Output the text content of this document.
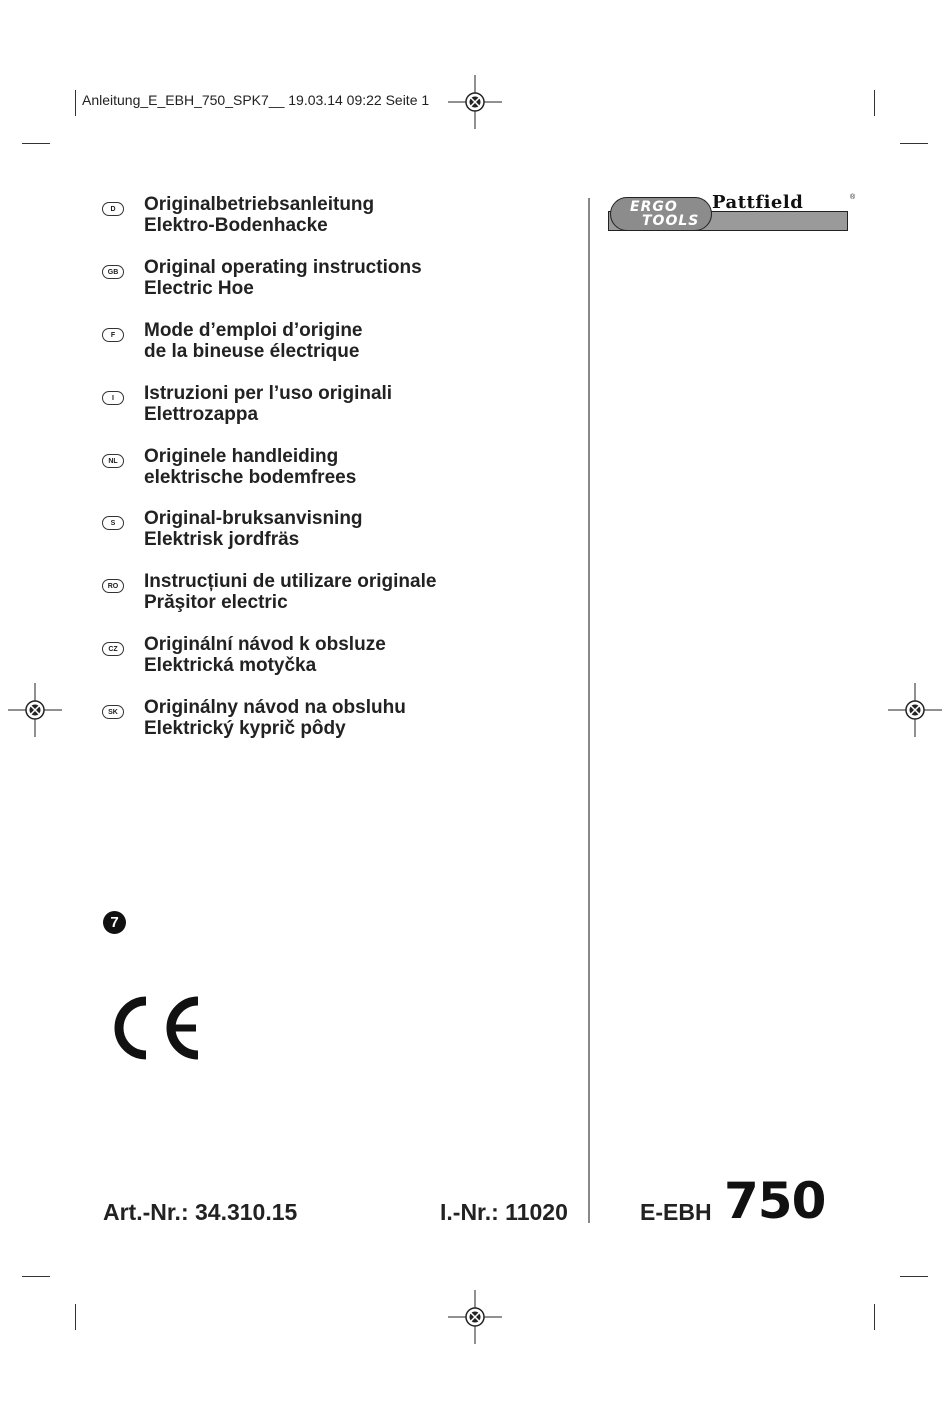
Anleitung_E_EBH_750_SPK7__ 19.03.14 09:22 Seite 1
D	Originalbetriebsanleitung
Elektro-Bodenhacke
GB	Original operating instructions
Electric Hoe
F	Mode d’emploi d’origine
de la bineuse électrique
I	Istruzioni per l’uso originali
Elettrozappa
NL	Originele handleiding
elektrische bodemfrees
S	Original-bruksanvisning
Elektrisk jordfräs
RO	Instrucțiuni de utilizare originale
Prăşitor electric
CZ	Originální návod k obsluze
Elektrická motyčka
SK	Originálny návod na obsluhu
Elektrický kyprič pôdy
ERGO
TOOLS
Pattfield	®
7
Art.-Nr.: 34.310.15	I.-Nr.: 11020	E-EBH 750
